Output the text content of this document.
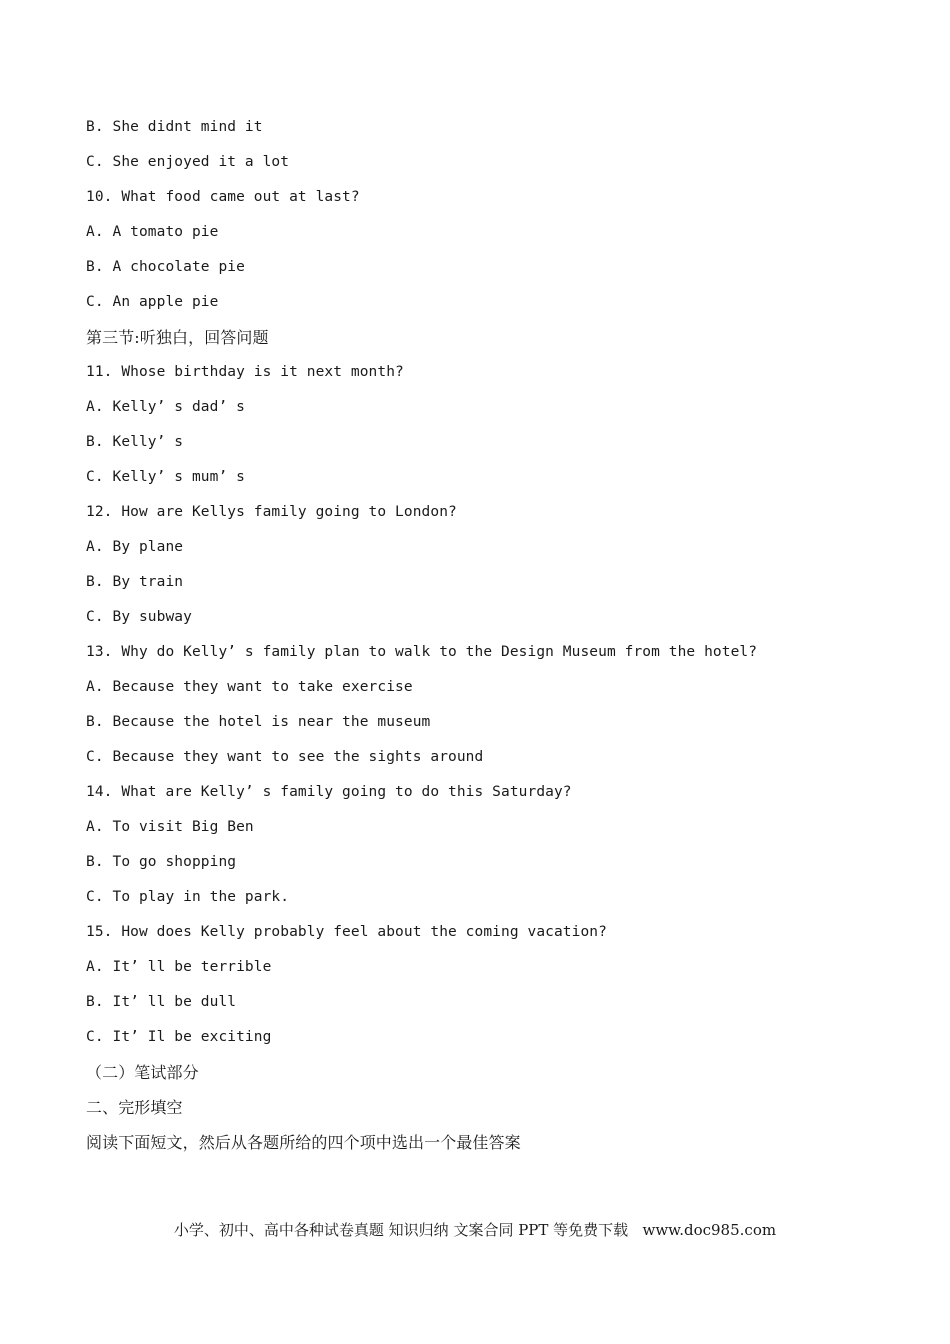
B. She didnt mind it
C. She enjoyed it a lot
10. What food came out at last?
A. A tomato pie
B. A chocolate pie
C. An apple pie
第三节:听独白，回答问题
11. Whose birthday is it next month?
A. Kelly’ s dad’ s
B. Kelly’ s
C. Kelly’ s mum’ s
12. How are Kellys family going to London?
A. By plane
B. By train
C. By subway
13. Why do Kelly’ s family plan to walk to the Design Museum from the hotel?
A. Because they want to take exercise
B. Because the hotel is near the museum
C. Because they want to see the sights around
14. What are Kelly’ s family going to do this Saturday?
A. To visit Big Ben
B. To go shopping
C. To play in the park.
15. How does Kelly probably feel about the coming vacation?
A. It’ ll be terrible
B. It’ ll be dull
C. It’ Il be exciting
（二）笔试部分
二、完形填空
阅读下面短文，然后从各题所给的四个项中选出一个最佳答案
小学、初中、高中各种试卷真题 知识归纳 文案合同 PPT 等免费下载   www.doc985.com
